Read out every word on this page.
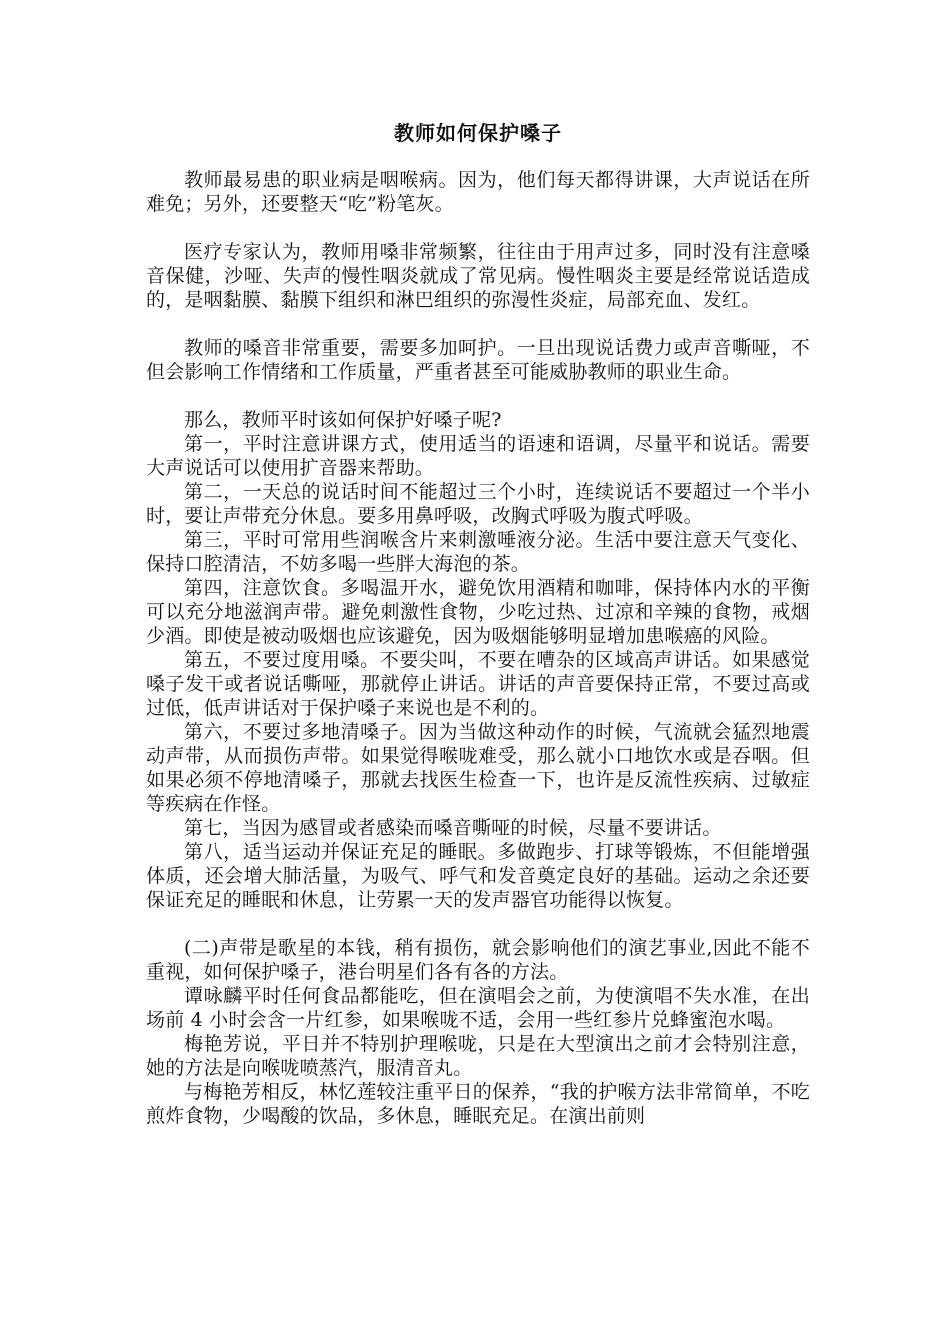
教师如何保护嗓子

教师最易患的职业病是咽喉病。因为，他们每天都得讲课，大声说话在所难免；另外，还要整天“吃”粉笔灰。

医疗专家认为，教师用嗓非常频繁，往往由于用声过多，同时没有注意嗓音保健，沙哑、失声的慢性咽炎就成了常见病。慢性咽炎主要是经常说话造成的，是咽黏膜、黏膜下组织和淋巴组织的弥漫性炎症，局部充血、发红。

教师的嗓音非常重要，需要多加呵护。一旦出现说话费力或声音嘶哑，不但会影响工作情绪和工作质量，严重者甚至可能威胁教师的职业生命。

那么，教师平时该如何保护好嗓子呢?

第一，平时注意讲课方式，使用适当的语速和语调，尽量平和说话。需要大声说话可以使用扩音器来帮助。

第二，一天总的说话时间不能超过三个小时，连续说话不要超过一个半小时，要让声带充分休息。要多用鼻呼吸，改胸式呼吸为腹式呼吸。

第三，平时可常用些润喉含片来刺激唾液分泌。生活中要注意天气变化、保持口腔清洁，不妨多喝一些胖大海泡的茶。

第四，注意饮食。多喝温开水，避免饮用酒精和咖啡，保持体内水的平衡可以充分地滋润声带。避免刺激性食物，少吃过热、过凉和辛辣的食物，戒烟少酒。即使是被动吸烟也应该避免，因为吸烟能够明显增加患喉癌的风险。

第五，不要过度用嗓。不要尖叫，不要在嘈杂的区域高声讲话。如果感觉嗓子发干或者说话嘶哑，那就停止讲话。讲话的声音要保持正常，不要过高或过低，低声讲话对于保护嗓子来说也是不利的。

第六，不要过多地清嗓子。因为当做这种动作的时候，气流就会猛烈地震动声带，从而损伤声带。如果觉得喉咙难受，那么就小口地饮水或是吞咽。但如果必须不停地清嗓子，那就去找医生检查一下，也许是反流性疾病、过敏症等疾病在作怪。

第七，当因为感冒或者感染而嗓音嘶哑的时候，尽量不要讲话。

第八，适当运动并保证充足的睡眠。多做跑步、打球等锻炼，不但能增强体质，还会增大肺活量，为吸气、呼气和发音奠定良好的基础。运动之余还要保证充足的睡眠和休息，让劳累一天的发声器官功能得以恢复。

(二)声带是歌星的本钱，稍有损伤，就会影响他们的演艺事业,因此不能不重视，如何保护嗓子，港台明星们各有各的方法。

谭咏麟平时任何食品都能吃，但在演唱会之前，为使演唱不失水准，在出场前 4 小时会含一片红参，如果喉咙不适，会用一些红参片兑蜂蜜泡水喝。

梅艳芳说，平日并不特别护理喉咙，只是在大型演出之前才会特别注意，她的方法是向喉咙喷蒸汽，服清音丸。

与梅艳芳相反，林忆莲较注重平日的保养，“我的护喉方法非常简单，不吃煎炸食物，少喝酸的饮品，多休息，睡眠充足。在演出前则
